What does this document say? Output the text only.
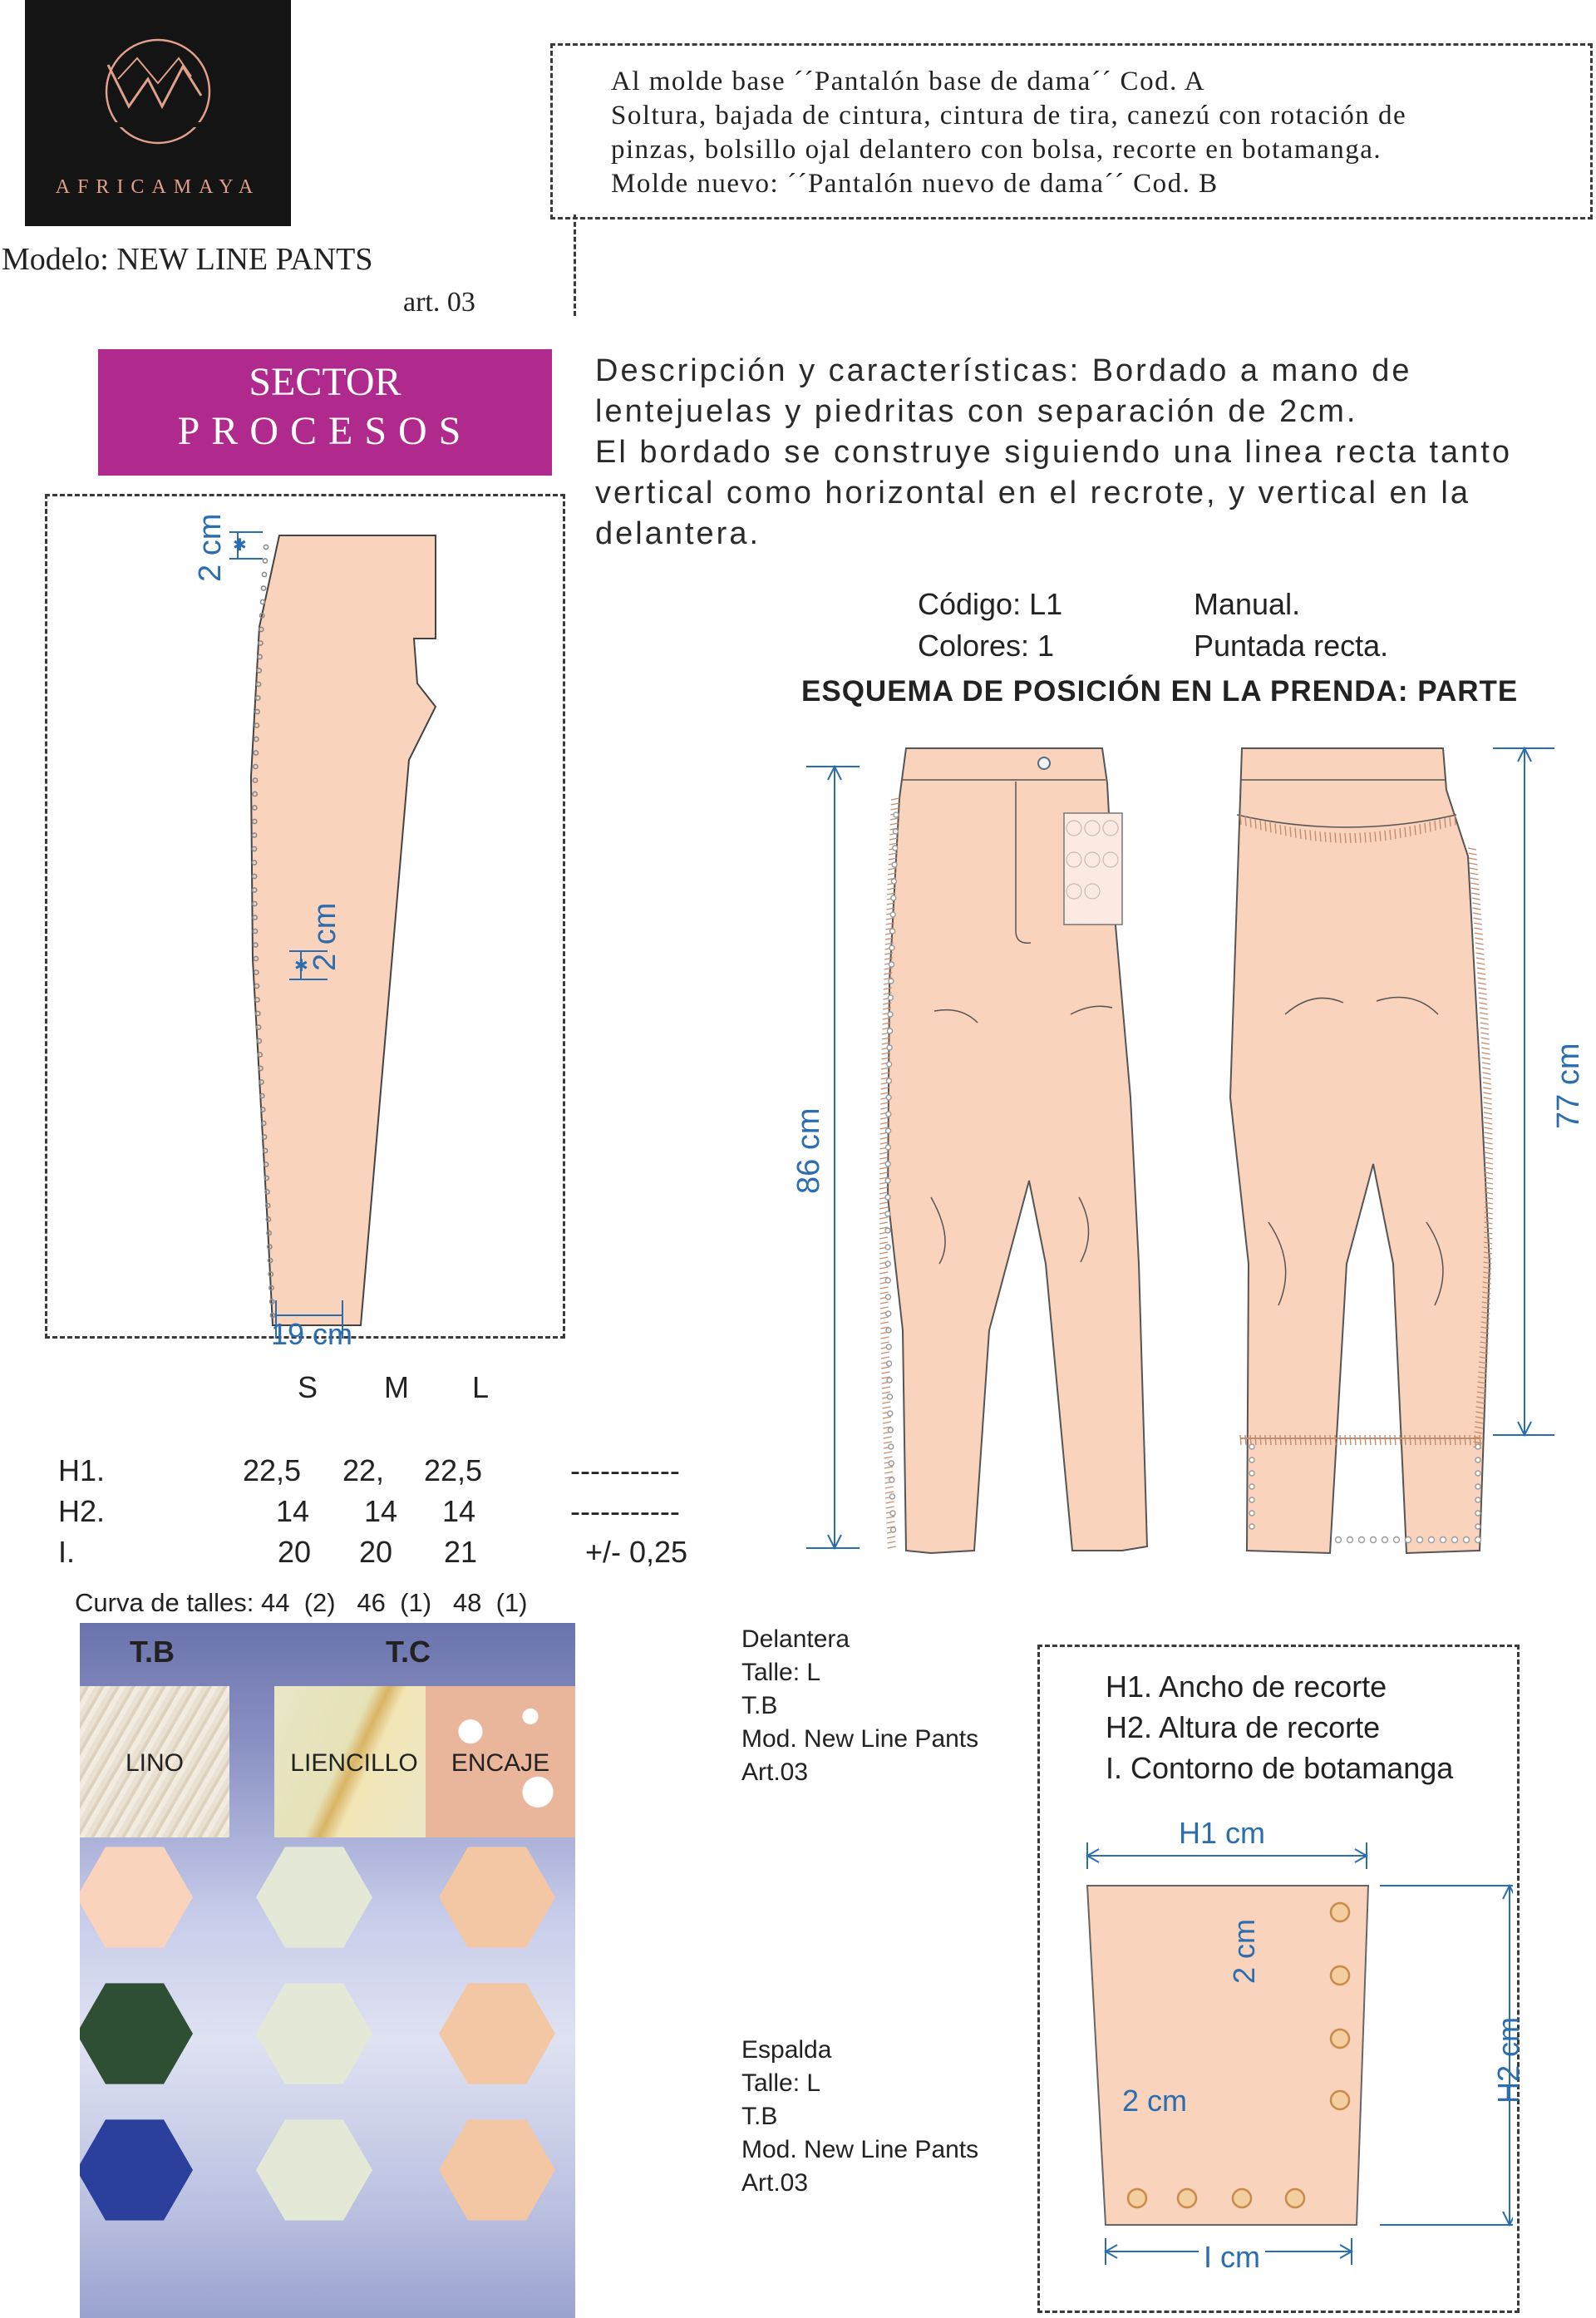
AFRICAMAYA
Modelo: NEW LINE PANTS
art. 03
Al molde base ´´Pantalón base de dama´´ Cod. A
Soltura, bajada de cintura, cintura de tira, canezú con rotación de
pinzas, bolsillo ojal delantero con bolsa, recorte en botamanga.
Molde nuevo: ´´Pantalón nuevo de dama´´ Cod. B
SECTOR
PROCESOS
Descripción y características: Bordado a mano de
lentejuelas y piedritas con separación de 2cm.
El bordado se construye siguiendo una linea recta tanto
vertical como horizontal en el recrote, y vertical en la
delantera.
Código: L1
Colores: 1
Manual.
Puntada recta.
ESQUEMA DE POSICIÓN EN LA PRENDA: PARTE
✱
✱
2 cm
2 cm
19 cm
86 cm
77 cm
S M L
H1.	22,5 22, 22,5	-----------
H2.	14 14 14	-----------
I.	20 20 21	+/- 0,25
Curva de talles: 44  (2)   46  (1)   48  (1)
T.B	T.C
LINO	LIENCILLO	ENCAJE
Delantera
Talle: L
T.B
Mod. New Line Pants
Art.03
Espalda
Talle: L
T.B
Mod. New Line Pants
Art.03
H1. Ancho de recorte
H2. Altura de recorte
I. Contorno de botamanga
H1 cm
H2 cm
2 cm
2 cm
I cm
